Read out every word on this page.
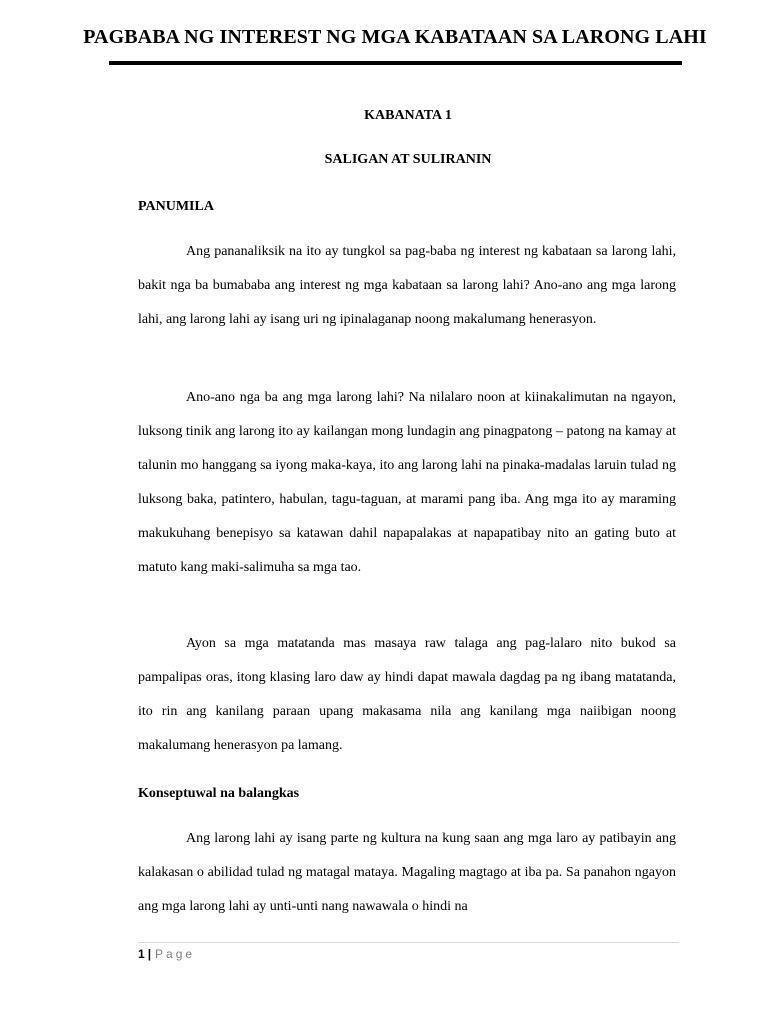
PAGBABA NG INTEREST NG MGA KABATAAN SA LARONG LAHI
KABANATA 1
SALIGAN AT SULIRANIN
PANUMILA

Ang pananaliksik na ito ay tungkol sa pag-baba ng interest ng kabataan sa larong lahi, bakit nga ba bumababa ang interest ng mga kabataan sa larong lahi? Ano-ano ang mga larong lahi, ang larong lahi ay isang uri ng ipinalaganap noong makalumang henerasyon.

Ano-ano nga ba ang mga larong lahi? Na nilalaro noon at kiinakalimutan na ngayon, luksong tinik ang larong ito ay kailangan mong lundagin ang pinagpatong – patong na kamay at talunin mo hanggang sa iyong maka-kaya, ito ang larong lahi na pinaka-madalas laruin tulad ng luksong baka, patintero, habulan, tagu-taguan, at marami pang iba. Ang mga ito ay maraming makukuhang benepisyo sa katawan dahil napapalakas at napapatibay nito an gating buto at matuto kang maki-salimuha sa mga tao.

Ayon sa mga matatanda mas masaya raw talaga ang pag-lalaro nito bukod sa pampalipas oras, itong klasing laro daw ay hindi dapat mawala dagdag pa ng ibang matatanda, ito rin ang kanilang paraan upang makasama nila ang kanilang mga naiibigan noong makalumang henerasyon pa lamang.

Konseptuwal na balangkas

Ang larong lahi ay isang parte ng kultura na kung saan ang mga laro ay patibayin ang kalakasan o abilidad tulad ng matagal mataya. Magaling magtago at iba pa. Sa panahon ngayon ang mga larong lahi ay unti-unti nang nawawala o hindi na

1 | Page
